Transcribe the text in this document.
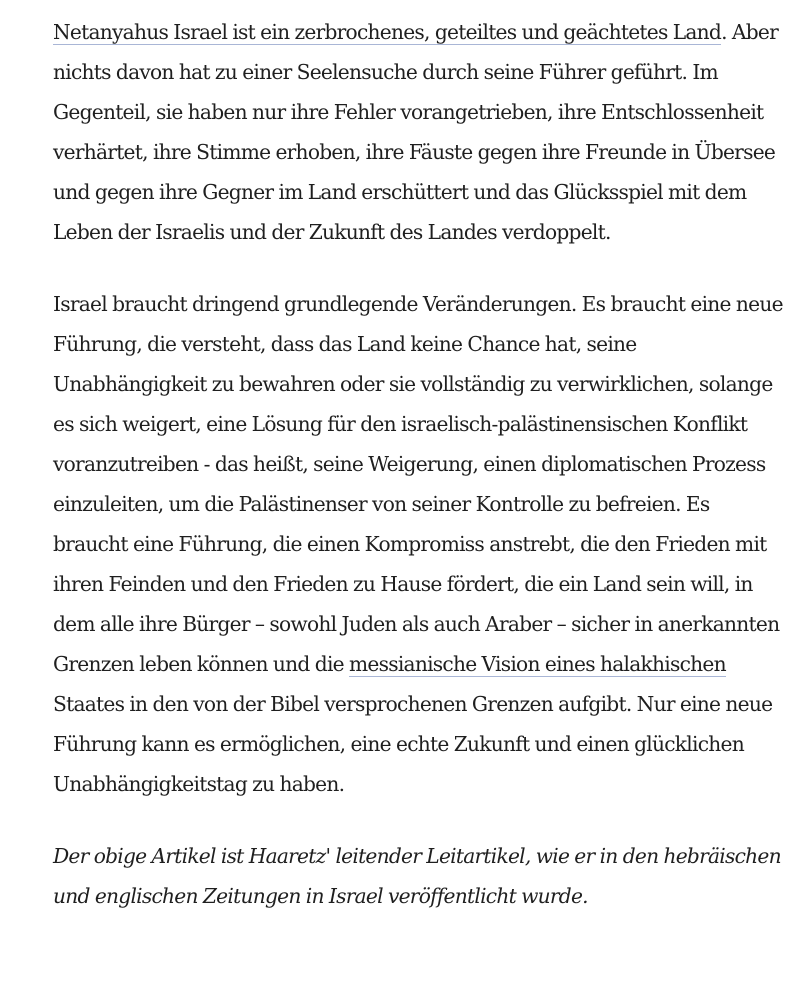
Netanyahus Israel ist ein zerbrochenes, geteiltes und geächtetes Land. Aber nichts davon hat zu einer Seelensuche durch seine Führer geführt. Im Gegenteil, sie haben nur ihre Fehler vorangetrieben, ihre Entschlossenheit verhärtet, ihre Stimme erhoben, ihre Fäuste gegen ihre Freunde in Übersee und gegen ihre Gegner im Land erschüttert und das Glücksspiel mit dem Leben der Israelis und der Zukunft des Landes verdoppelt.

Israel braucht dringend grundlegende Veränderungen. Es braucht eine neue Führung, die versteht, dass das Land keine Chance hat, seine Unabhängigkeit zu bewahren oder sie vollständig zu verwirklichen, solange es sich weigert, eine Lösung für den israelisch-palästinensischen Konflikt voranzutreiben - das heißt, seine Weigerung, einen diplomatischen Prozess einzuleiten, um die Palästinenser von seiner Kontrolle zu befreien. Es braucht eine Führung, die einen Kompromiss anstrebt, die den Frieden mit ihren Feinden und den Frieden zu Hause fördert, die ein Land sein will, in dem alle ihre Bürger – sowohl Juden als auch Araber – sicher in anerkannten Grenzen leben können und die messianische Vision eines halakhischen Staates in den von der Bibel versprochenen Grenzen aufgibt. Nur eine neue Führung kann es ermöglichen, eine echte Zukunft und einen glücklichen Unabhängigkeitstag zu haben.

Der obige Artikel ist Haaretz' leitender Leitartikel, wie er in den hebräischen und englischen Zeitungen in Israel veröffentlicht wurde.
